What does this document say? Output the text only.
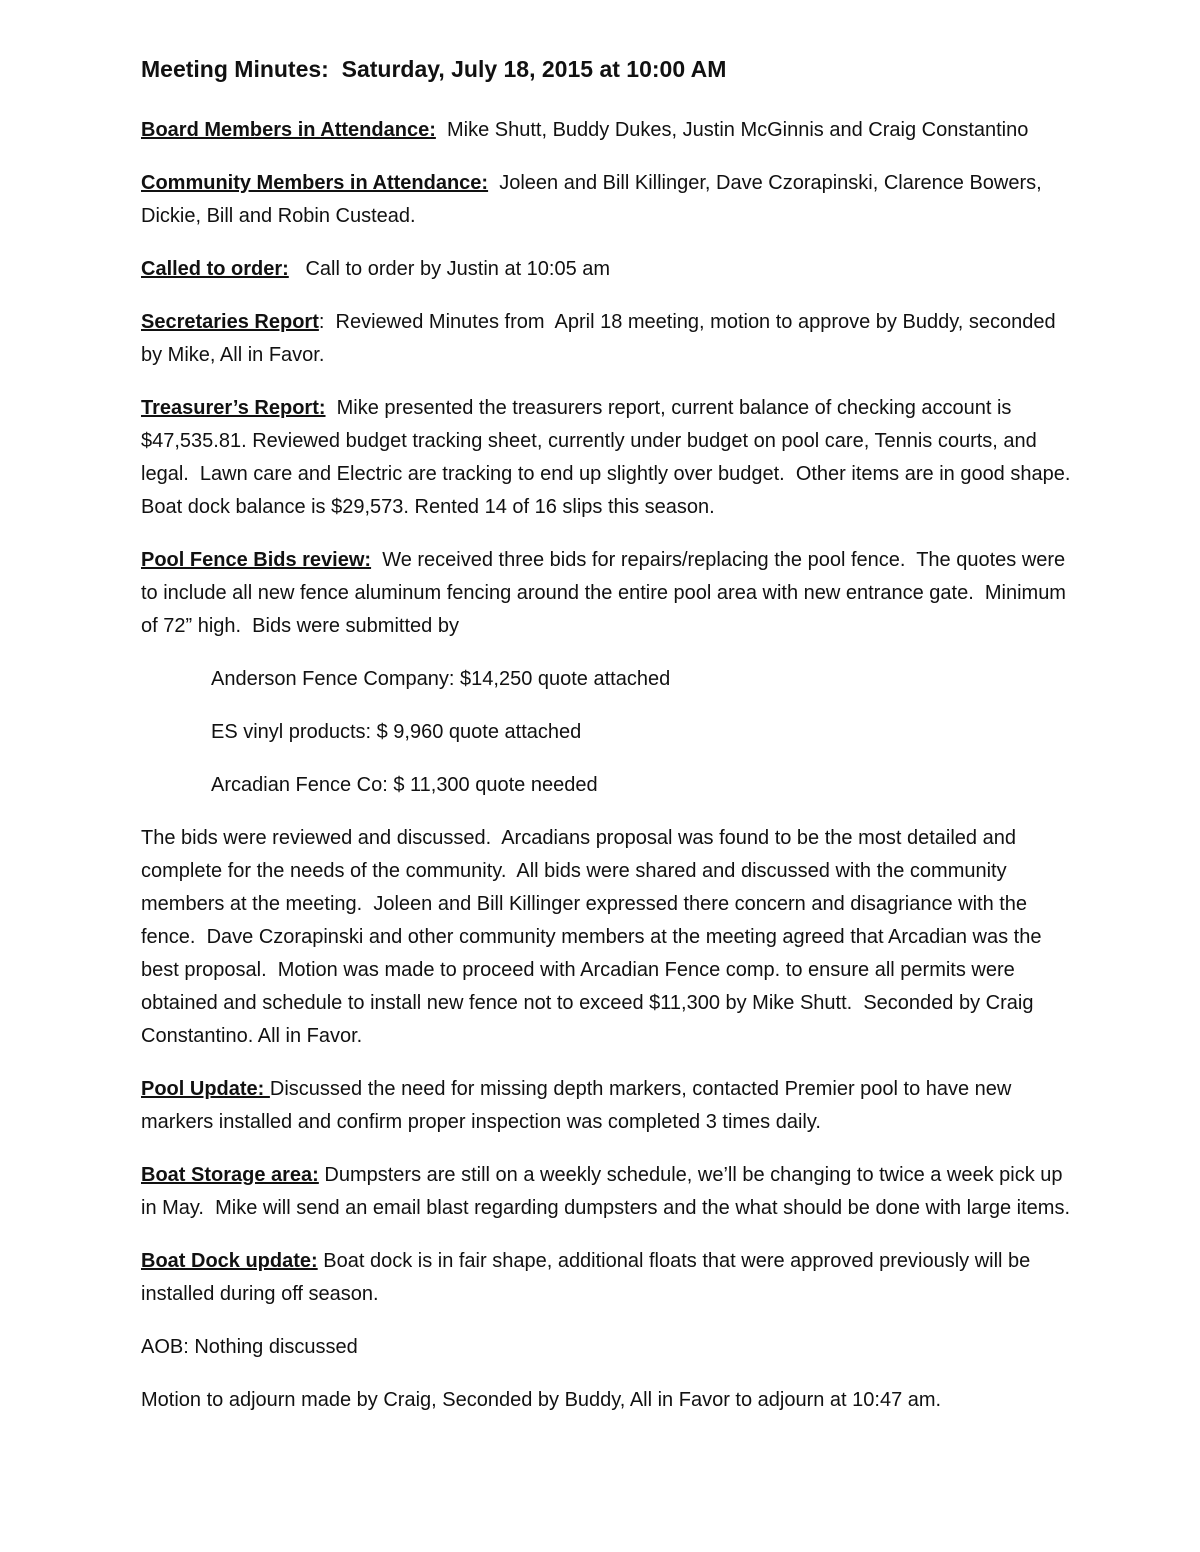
Meeting Minutes:  Saturday, July 18, 2015 at 10:00 AM

Board Members in Attendance:  Mike Shutt, Buddy Dukes, Justin McGinnis and Craig Constantino

Community Members in Attendance:  Joleen and Bill Killinger, Dave Czorapinski, Clarence Bowers, Dickie, Bill and Robin Custead.

Called to order:   Call to order by Justin at 10:05 am

Secretaries Report:  Reviewed Minutes from  April 18 meeting, motion to approve by Buddy, seconded by Mike, All in Favor.

Treasurer’s Report:  Mike presented the treasurers report, current balance of checking account is $47,535.81. Reviewed budget tracking sheet, currently under budget on pool care, Tennis courts, and legal.  Lawn care and Electric are tracking to end up slightly over budget.  Other items are in good shape.    Boat dock balance is $29,573. Rented 14 of 16 slips this season.

Pool Fence Bids review:  We received three bids for repairs/replacing the pool fence.  The quotes were to include all new fence aluminum fencing around the entire pool area with new entrance gate.  Minimum of 72” high.  Bids were submitted by

Anderson Fence Company: $14,250 quote attached
ES vinyl products: $ 9,960 quote attached
Arcadian Fence Co: $ 11,300 quote needed

The bids were reviewed and discussed.  Arcadians proposal was found to be the most detailed and complete for the needs of the community.  All bids were shared and discussed with the community members at the meeting.  Joleen and Bill Killinger expressed there concern and disagriance with the fence.  Dave Czorapinski and other community members at the meeting agreed that Arcadian was the best proposal.  Motion was made to proceed with Arcadian Fence comp. to ensure all permits were obtained and schedule to install new fence not to exceed $11,300 by Mike Shutt.  Seconded by Craig Constantino. All in Favor.

Pool Update: Discussed the need for missing depth markers, contacted Premier pool to have new markers installed and confirm proper inspection was completed 3 times daily.

Boat Storage area: Dumpsters are still on a weekly schedule, we’ll be changing to twice a week pick up in May.  Mike will send an email blast regarding dumpsters and the what should be done with large items.

Boat Dock update: Boat dock is in fair shape, additional floats that were approved previously will be installed during off season.

AOB: Nothing discussed

Motion to adjourn made by Craig, Seconded by Buddy, All in Favor to adjourn at 10:47 am.
